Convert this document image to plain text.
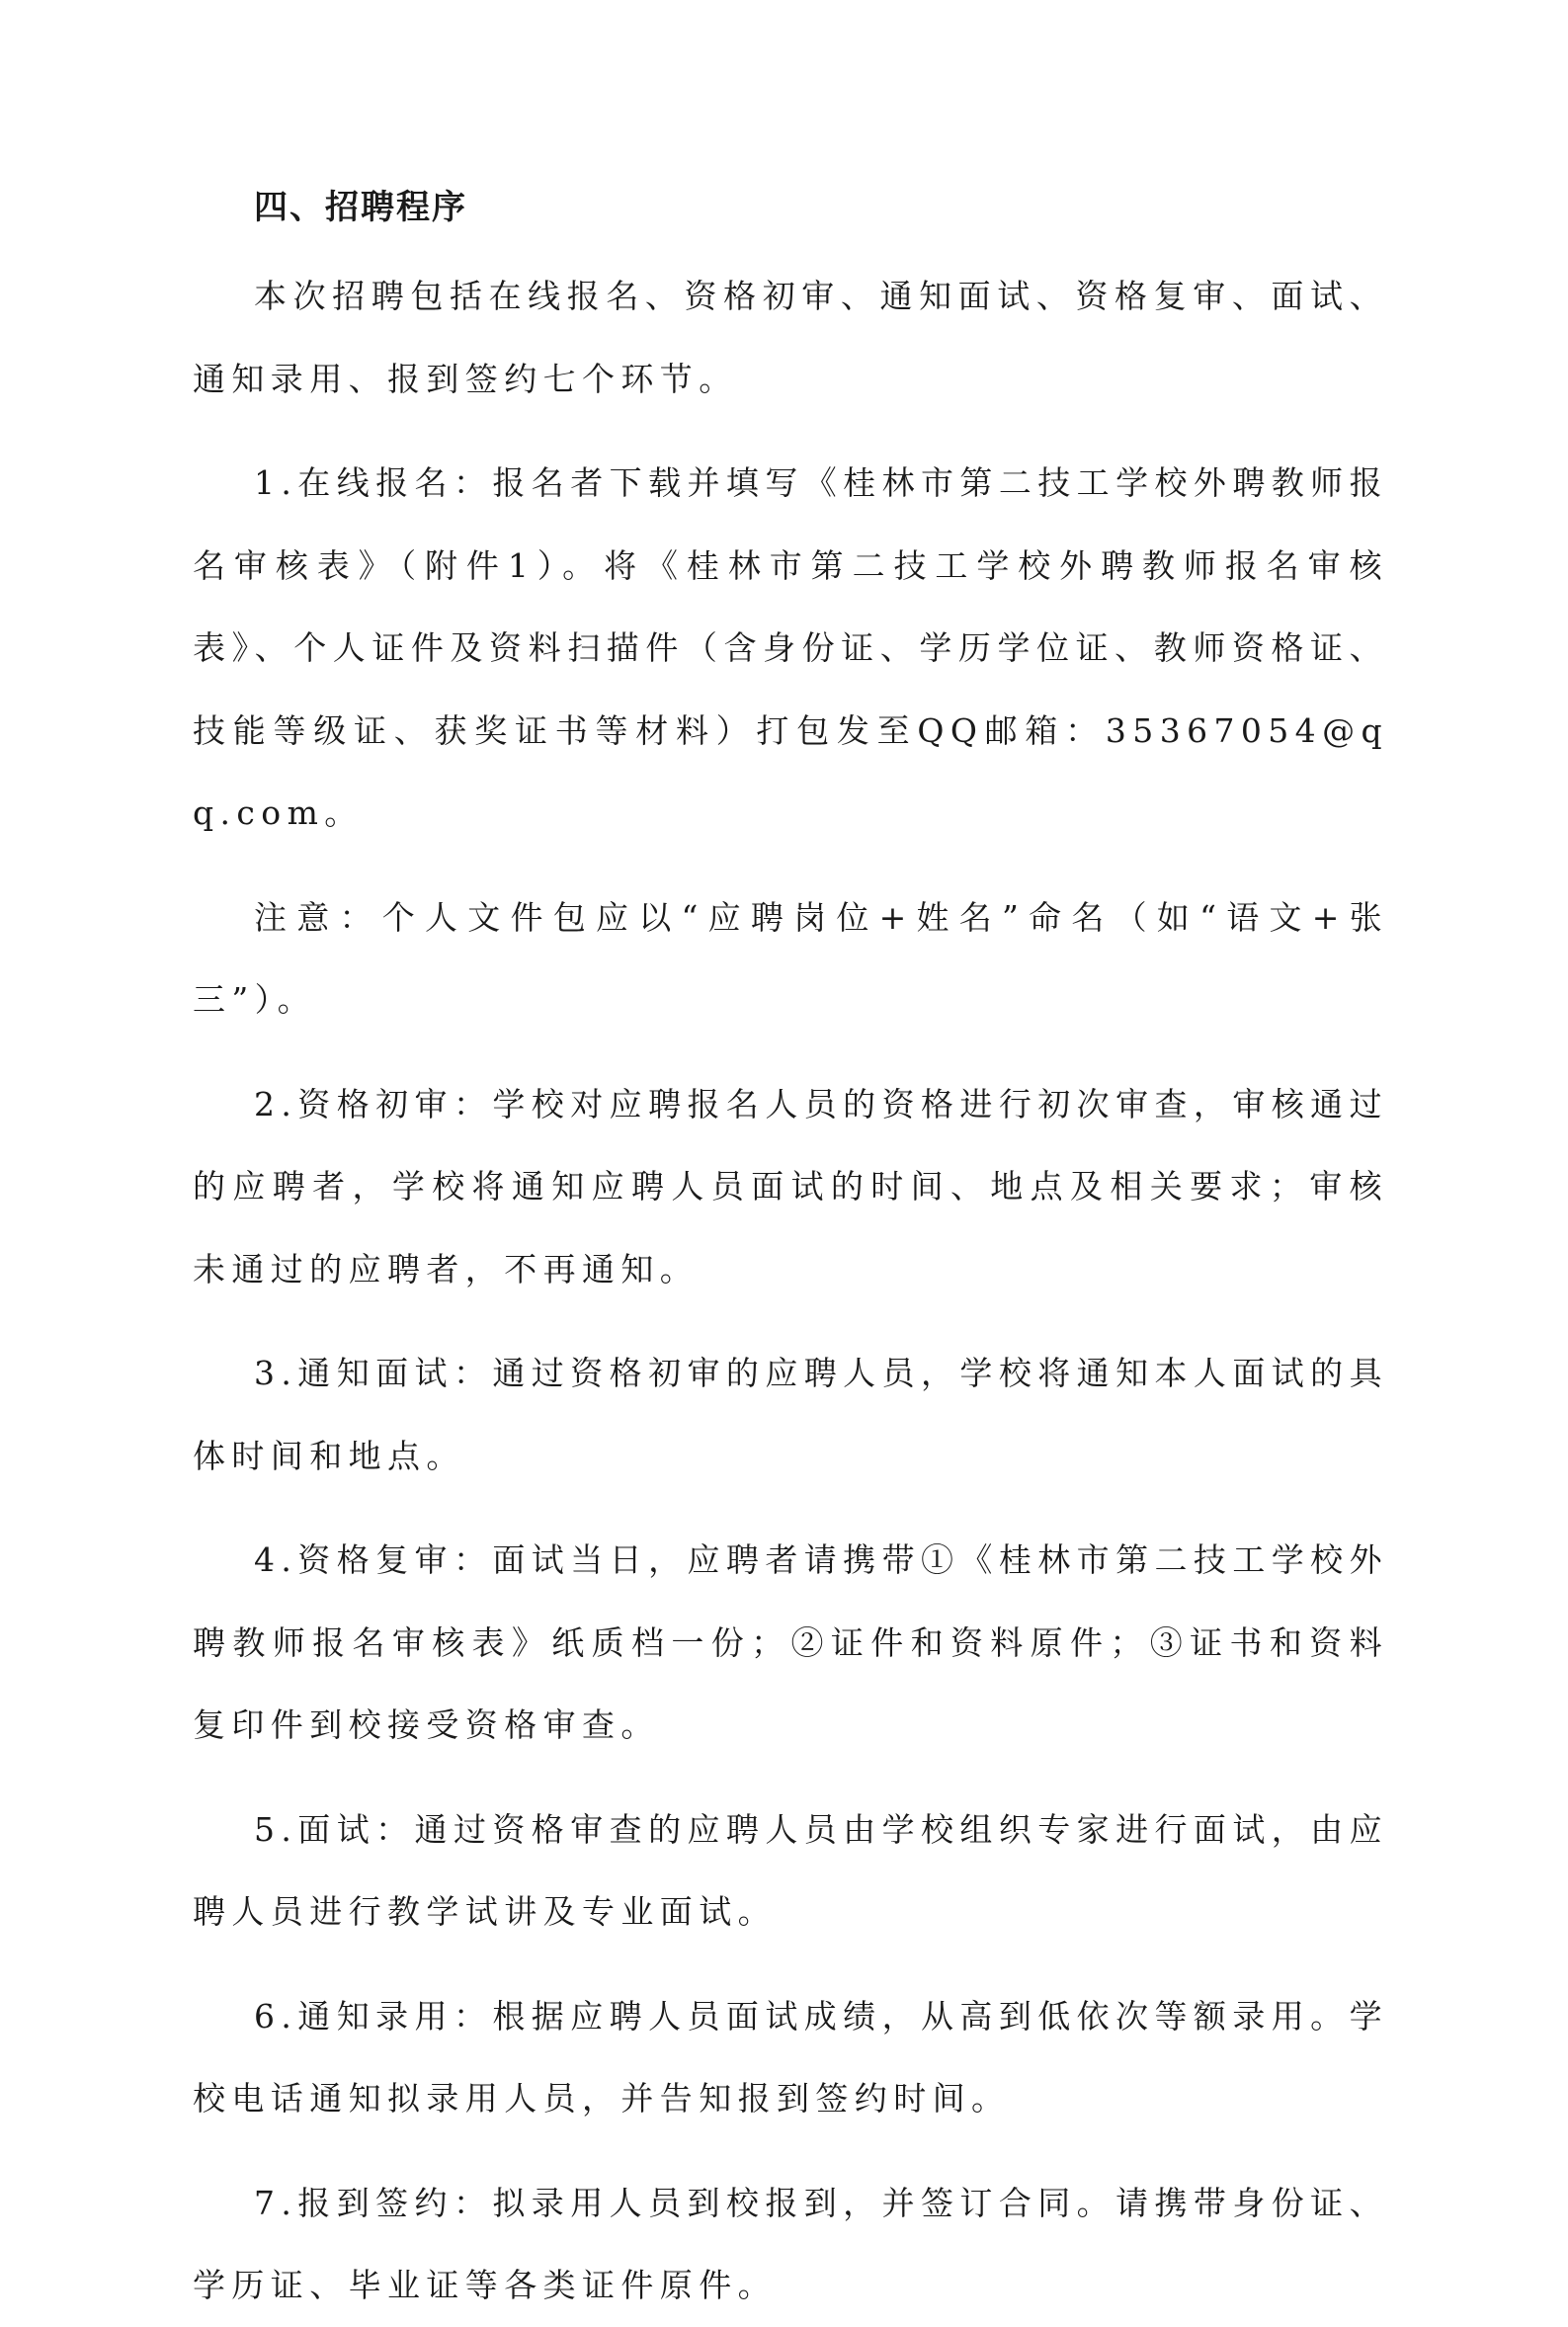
四、招聘程序

本次招聘包括在线报名、资格初审、通知面试、资格复审、面试、通知录用、报到签约七个环节。

1.在线报名：报名者下载并填写《桂林市第二技工学校外聘教师报名审核表》（附件1）。将《桂林市第二技工学校外聘教师报名审核表》、个人证件及资料扫描件（含身份证、学历学位证、教师资格证、技能等级证、获奖证书等材料）打包发至QQ邮箱：35367054@qq.com。

注意：个人文件包应以“应聘岗位+姓名”命名（如“语文+张三”）。

2.资格初审：学校对应聘报名人员的资格进行初次审查，审核通过的应聘者，学校将通知应聘人员面试的时间、地点及相关要求；审核未通过的应聘者，不再通知。

3.通知面试：通过资格初审的应聘人员，学校将通知本人面试的具体时间和地点。

4.资格复审：面试当日，应聘者请携带①《桂林市第二技工学校外聘教师报名审核表》纸质档一份；②证件和资料原件；③证书和资料复印件到校接受资格审查。

5.面试：通过资格审查的应聘人员由学校组织专家进行面试，由应聘人员进行教学试讲及专业面试。

6.通知录用：根据应聘人员面试成绩，从高到低依次等额录用。学校电话通知拟录用人员，并告知报到签约时间。

7.报到签约：拟录用人员到校报到，并签订合同。请携带身份证、学历证、毕业证等各类证件原件。
